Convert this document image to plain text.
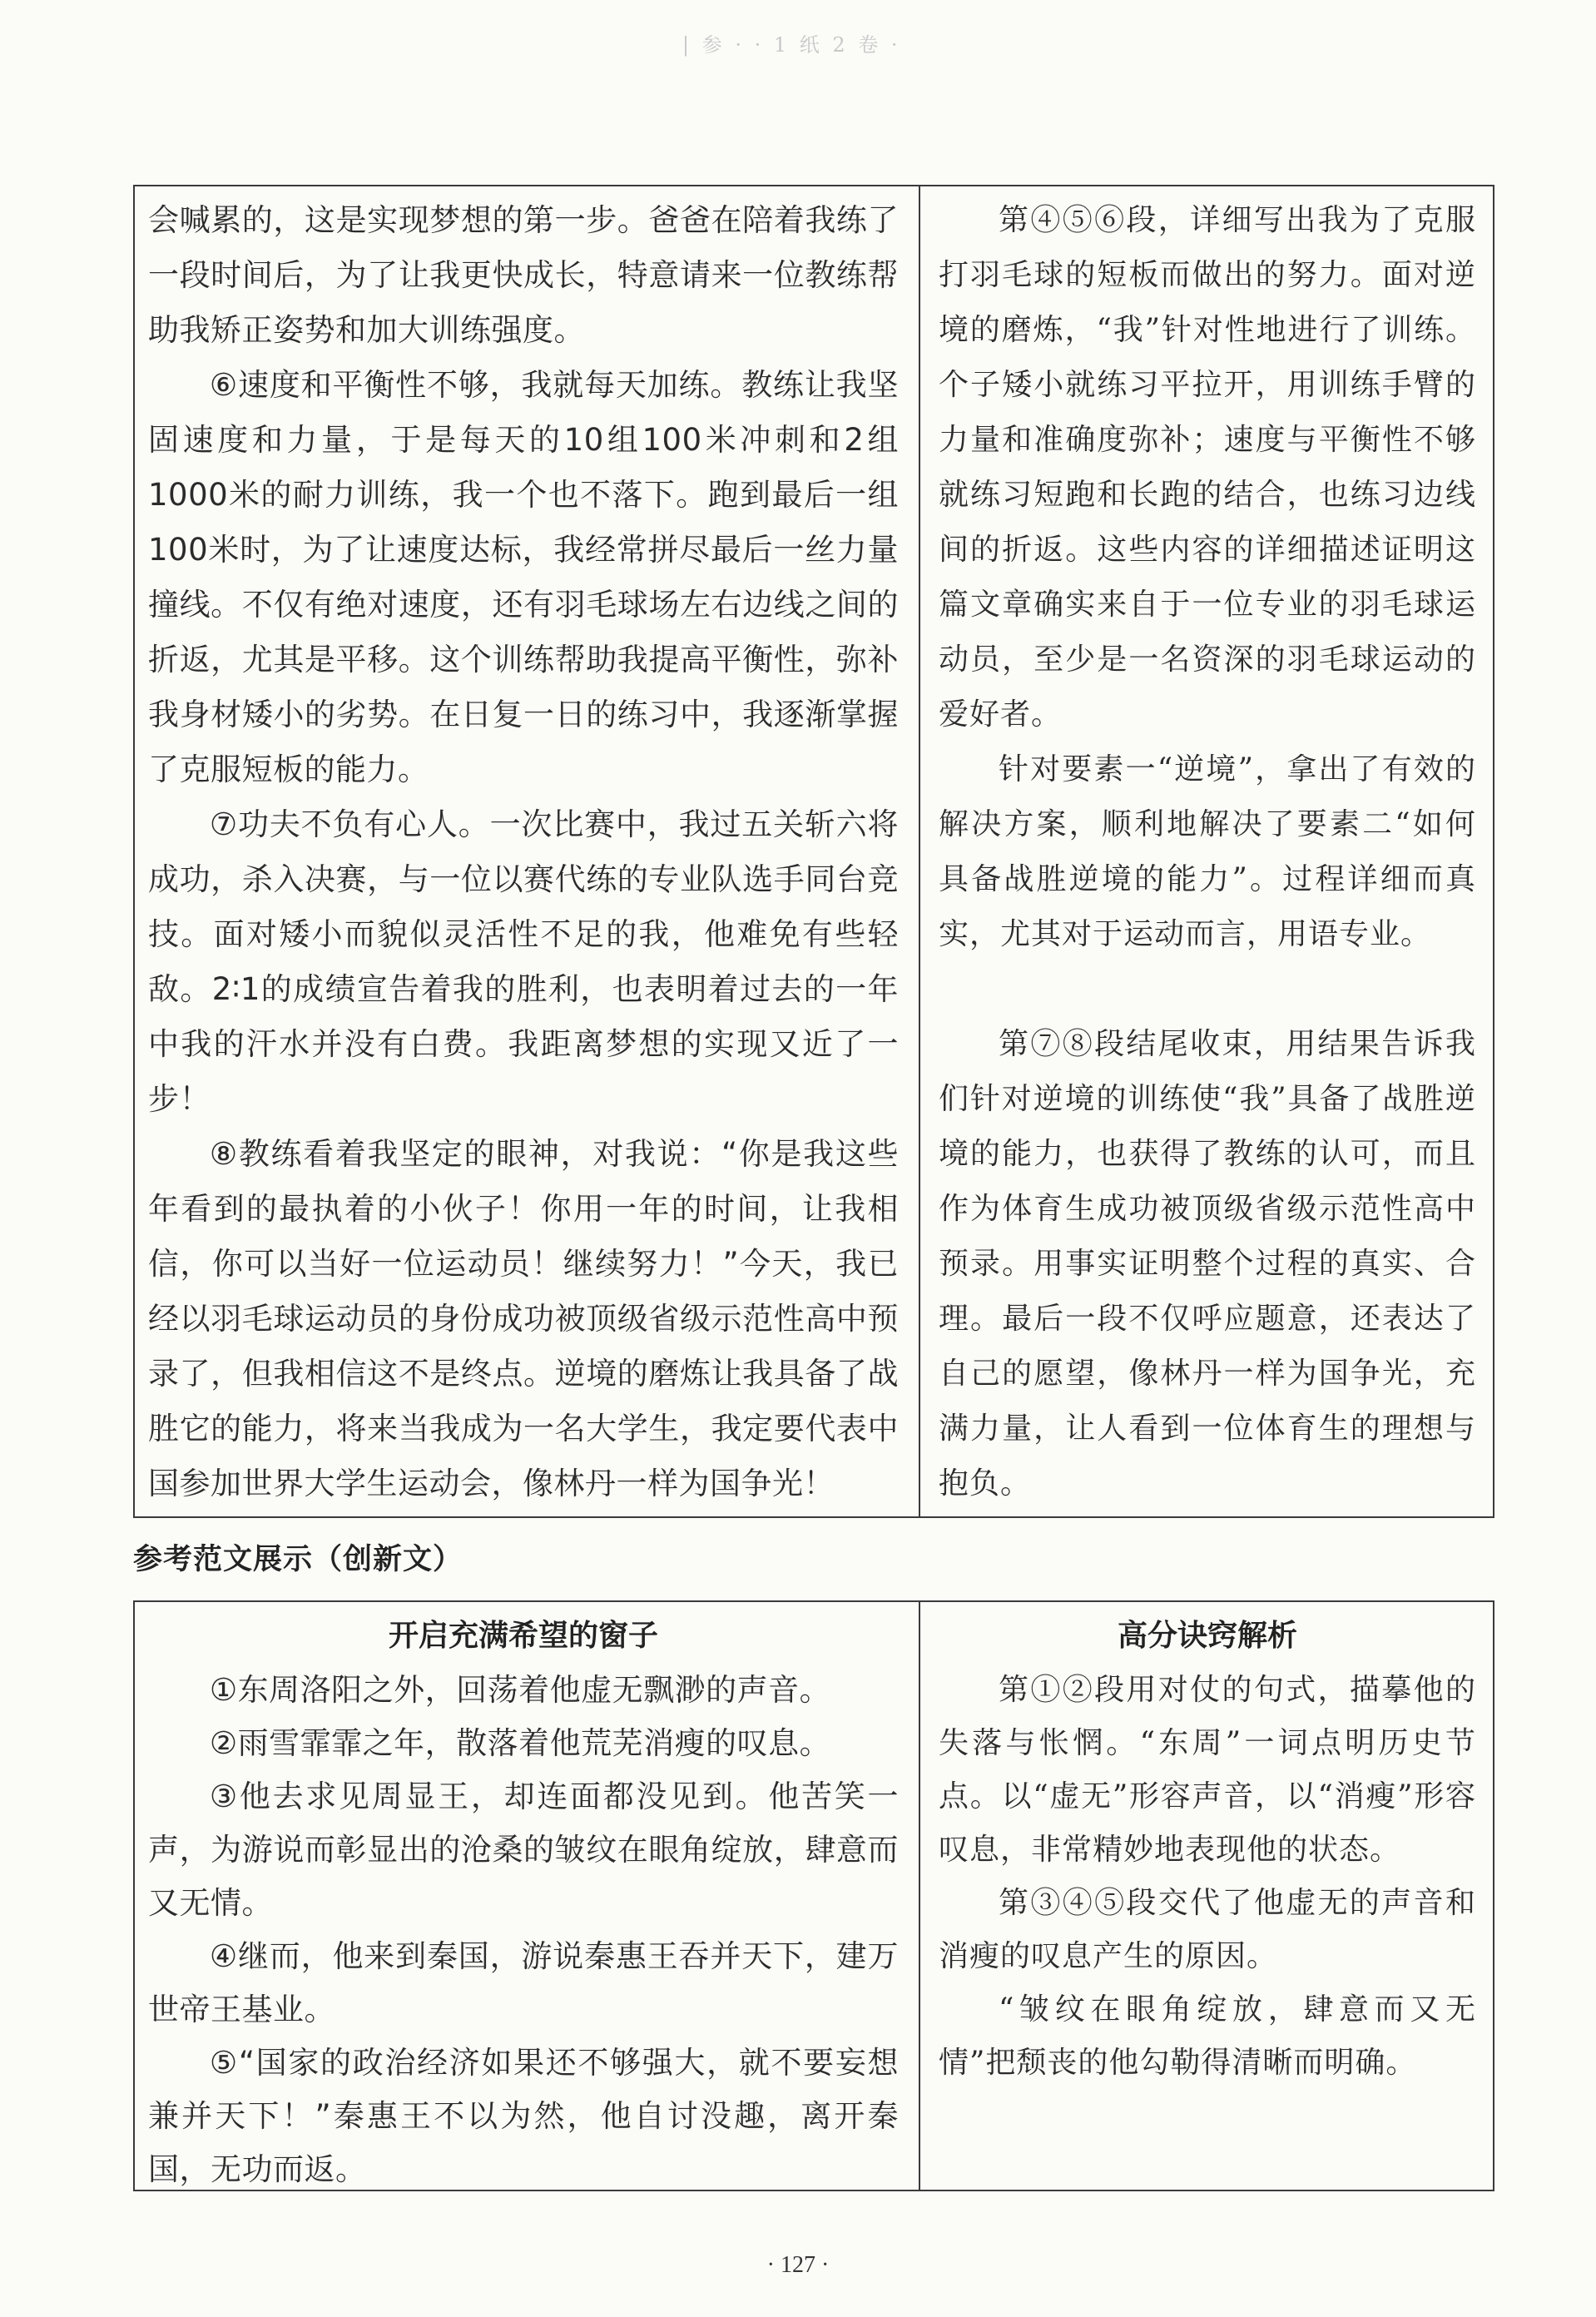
| 参 · · 1 纸 2 卷 ·

会喊累的，这是实现梦想的第一步。爸爸在陪着我练了一段时间后，为了让我更快成长，特意请来一位教练帮助我矫正姿势和加大训练强度。

⑥速度和平衡性不够，我就每天加练。教练让我坚固速度和力量，于是每天的10组100米冲刺和2组1000米的耐力训练，我一个也不落下。跑到最后一组100米时，为了让速度达标，我经常拼尽最后一丝力量撞线。不仅有绝对速度，还有羽毛球场左右边线之间的折返，尤其是平移。这个训练帮助我提高平衡性，弥补我身材矮小的劣势。在日复一日的练习中，我逐渐掌握了克服短板的能力。

⑦功夫不负有心人。一次比赛中，我过五关斩六将成功，杀入决赛，与一位以赛代练的专业队选手同台竞技。面对矮小而貌似灵活性不足的我，他难免有些轻敌。2∶1的成绩宣告着我的胜利，也表明着过去的一年中我的汗水并没有白费。我距离梦想的实现又近了一步！

⑧教练看着我坚定的眼神，对我说：“你是我这些年看到的最执着的小伙子！你用一年的时间，让我相信，你可以当好一位运动员！继续努力！”今天，我已经以羽毛球运动员的身份成功被顶级省级示范性高中预录了，但我相信这不是终点。逆境的磨炼让我具备了战胜它的能力，将来当我成为一名大学生，我定要代表中国参加世界大学生运动会，像林丹一样为国争光！

第④⑤⑥段，详细写出我为了克服打羽毛球的短板而做出的努力。面对逆境的磨炼，“我”针对性地进行了训练。个子矮小就练习平拉开，用训练手臂的力量和准确度弥补；速度与平衡性不够就练习短跑和长跑的结合，也练习边线间的折返。这些内容的详细描述证明这篇文章确实来自于一位专业的羽毛球运动员，至少是一名资深的羽毛球运动的爱好者。

针对要素一“逆境”，拿出了有效的解决方案，顺利地解决了要素二“如何具备战胜逆境的能力”。过程详细而真实，尤其对于运动而言，用语专业。

第⑦⑧段结尾收束，用结果告诉我们针对逆境的训练使“我”具备了战胜逆境的能力，也获得了教练的认可，而且作为体育生成功被顶级省级示范性高中预录。用事实证明整个过程的真实、合理。最后一段不仅呼应题意，还表达了自己的愿望，像林丹一样为国争光，充满力量，让人看到一位体育生的理想与抱负。

参考范文展示（创新文）
开启充满希望的窗子

①东周洛阳之外，回荡着他虚无飘渺的声音。

②雨雪霏霏之年，散落着他荒芜消瘦的叹息。

③他去求见周显王，却连面都没见到。他苦笑一声，为游说而彰显出的沧桑的皱纹在眼角绽放，肆意而又无情。

④继而，他来到秦国，游说秦惠王吞并天下，建万世帝王基业。

⑤“国家的政治经济如果还不够强大，就不要妄想兼并天下！”秦惠王不以为然，他自讨没趣，离开秦国，无功而返。

高分诀窍解析

第①②段用对仗的句式，描摹他的失落与怅惘。“东周”一词点明历史节点。以“虚无”形容声音，以“消瘦”形容叹息，非常精妙地表现他的状态。

第③④⑤段交代了他虚无的声音和消瘦的叹息产生的原因。

“皱纹在眼角绽放，肆意而又无情”把颓丧的他勾勒得清晰而明确。

· 127 ·
